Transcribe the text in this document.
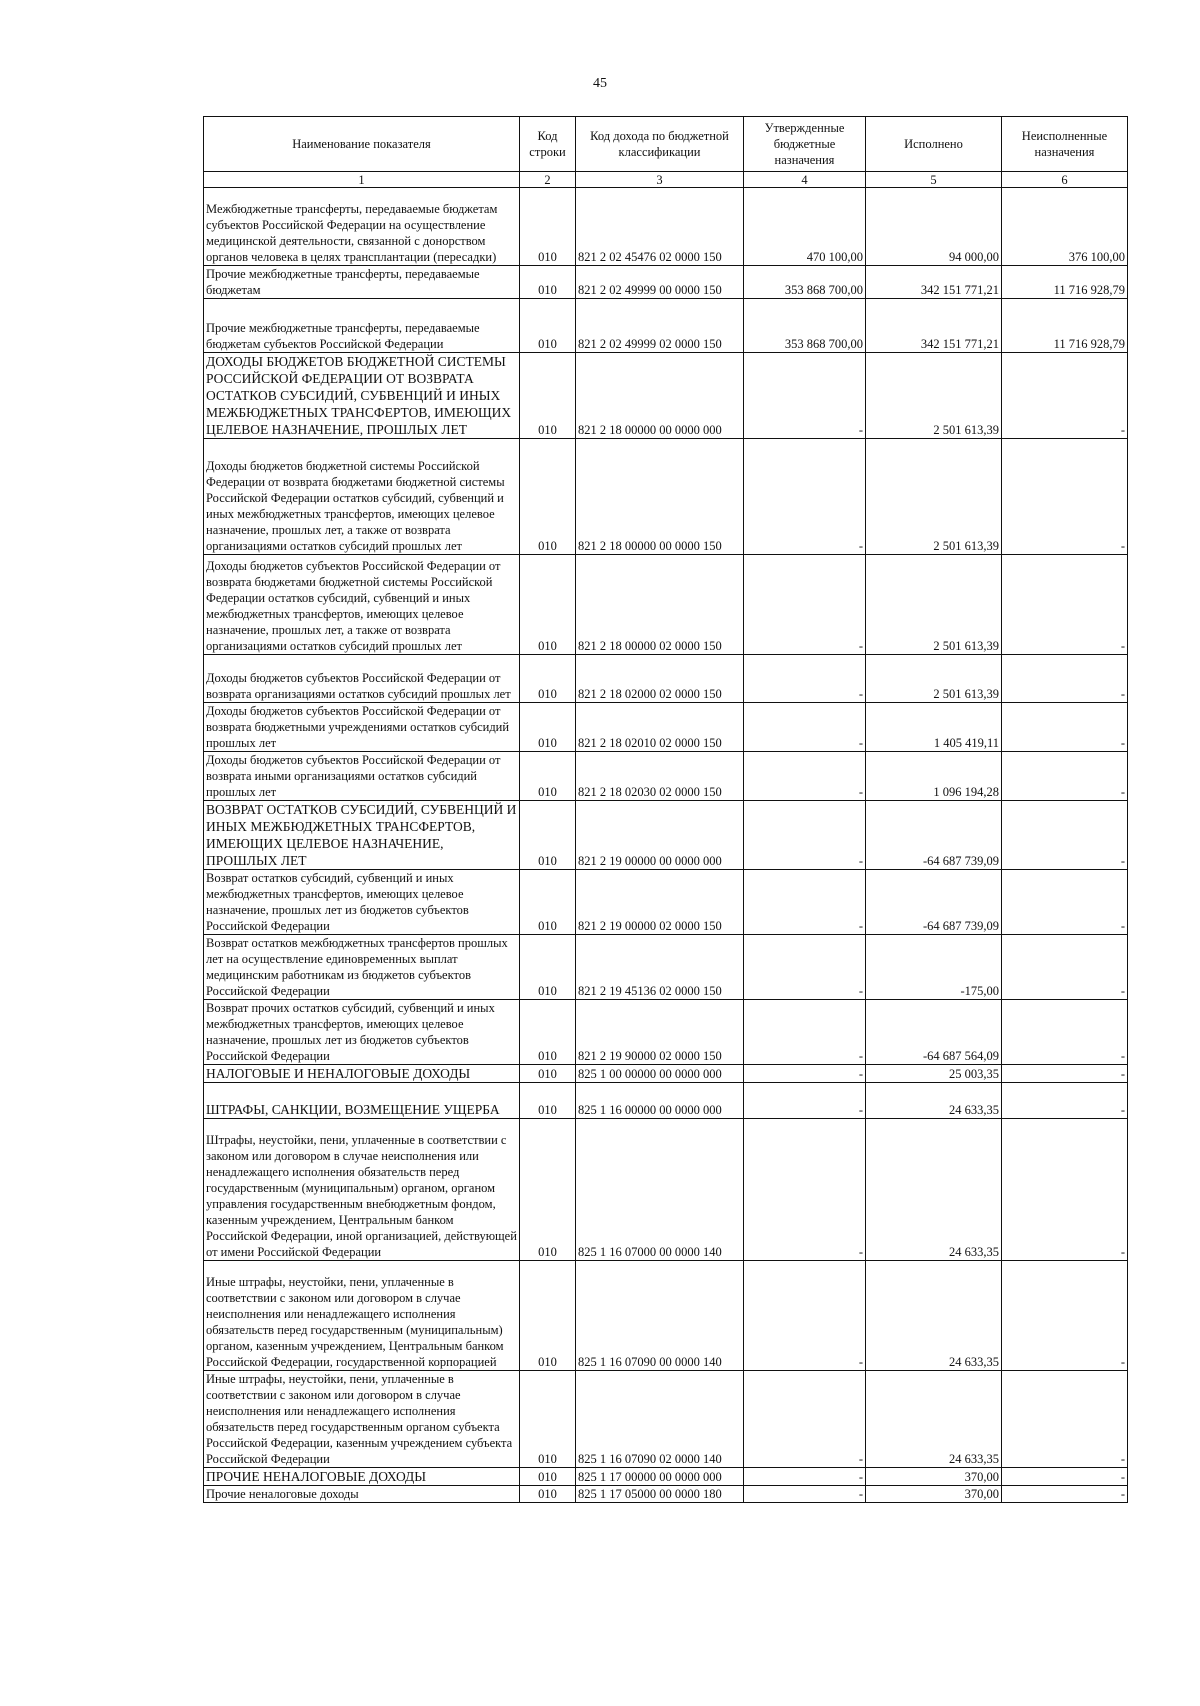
45
Наименование показателя	Код строки	Код дохода по бюджетной классификации	Утвержденные бюджетные назначения	Исполнено	Неисполненные назначения
1	2	3	4	5	6
Межбюджетные трансферты, передаваемые бюджетам субъектов Российской Федерации на осуществление медицинской деятельности, связанной с донорством органов человека в целях трансплантации (пересадки)	010	821 2 02 45476 02 0000 150	470 100,00	94 000,00	376 100,00
Прочие межбюджетные трансферты, передаваемые бюджетам	010	821 2 02 49999 00 0000 150	353 868 700,00	342 151 771,21	11 716 928,79
Прочие межбюджетные трансферты, передаваемые бюджетам субъектов Российской Федерации	010	821 2 02 49999 02 0000 150	353 868 700,00	342 151 771,21	11 716 928,79
ДОХОДЫ БЮДЖЕТОВ БЮДЖЕТНОЙ СИСТЕМЫ РОССИЙСКОЙ ФЕДЕРАЦИИ ОТ ВОЗВРАТА ОСТАТКОВ СУБСИДИЙ, СУБВЕНЦИЙ И ИНЫХ МЕЖБЮДЖЕТНЫХ ТРАНСФЕРТОВ, ИМЕЮЩИХ ЦЕЛЕВОЕ НАЗНАЧЕНИЕ, ПРОШЛЫХ ЛЕТ	010	821 2 18 00000 00 0000 000	-	2 501 613,39	-
Доходы бюджетов бюджетной системы Российской Федерации от возврата бюджетами бюджетной системы Российской Федерации остатков субсидий, субвенций и иных межбюджетных трансфертов, имеющих целевое назначение, прошлых лет, а также от возврата организациями остатков субсидий прошлых лет	010	821 2 18 00000 00 0000 150	-	2 501 613,39	-
Доходы бюджетов субъектов Российской Федерации от возврата бюджетами бюджетной системы Российской Федерации остатков субсидий, субвенций и иных межбюджетных трансфертов, имеющих целевое назначение, прошлых лет, а также от возврата организациями остатков субсидий прошлых лет	010	821 2 18 00000 02 0000 150	-	2 501 613,39	-
Доходы бюджетов субъектов Российской Федерации от возврата организациями остатков субсидий прошлых лет	010	821 2 18 02000 02 0000 150	-	2 501 613,39	-
Доходы бюджетов субъектов Российской Федерации от возврата бюджетными учреждениями остатков субсидий прошлых лет	010	821 2 18 02010 02 0000 150	-	1 405 419,11	-
Доходы бюджетов субъектов Российской Федерации от возврата иными организациями остатков субсидий прошлых лет	010	821 2 18 02030 02 0000 150	-	1 096 194,28	-
ВОЗВРАТ ОСТАТКОВ СУБСИДИЙ, СУБВЕНЦИЙ И ИНЫХ МЕЖБЮДЖЕТНЫХ ТРАНСФЕРТОВ, ИМЕЮЩИХ ЦЕЛЕВОЕ НАЗНАЧЕНИЕ, ПРОШЛЫХ ЛЕТ	010	821 2 19 00000 00 0000 000	-	-64 687 739,09	-
Возврат остатков субсидий, субвенций и иных межбюджетных трансфертов, имеющих целевое назначение, прошлых лет из бюджетов субъектов Российской Федерации	010	821 2 19 00000 02 0000 150	-	-64 687 739,09	-
Возврат остатков межбюджетных трансфертов прошлых лет на осуществление единовременных выплат медицинским работникам из бюджетов субъектов Российской Федерации	010	821 2 19 45136 02 0000 150	-	-175,00	-
Возврат прочих остатков субсидий, субвенций и иных межбюджетных трансфертов, имеющих целевое назначение, прошлых лет из бюджетов субъектов Российской Федерации	010	821 2 19 90000 02 0000 150	-	-64 687 564,09	-
НАЛОГОВЫЕ И НЕНАЛОГОВЫЕ ДОХОДЫ	010	825 1 00 00000 00 0000 000	-	25 003,35	-
ШТРАФЫ, САНКЦИИ, ВОЗМЕЩЕНИЕ УЩЕРБА	010	825 1 16 00000 00 0000 000	-	24 633,35	-
Штрафы, неустойки, пени, уплаченные в соответствии с законом или договором в случае неисполнения или ненадлежащего исполнения обязательств перед государственным (муниципальным) органом, органом управления государственным внебюджетным фондом, казенным учреждением, Центральным банком Российской Федерации, иной организацией, действующей от имени Российской Федерации	010	825 1 16 07000 00 0000 140	-	24 633,35	-
Иные штрафы, неустойки, пени, уплаченные в соответствии с законом или договором в случае неисполнения или ненадлежащего исполнения обязательств перед государственным (муниципальным) органом, казенным учреждением, Центральным банком Российской Федерации, государственной корпорацией	010	825 1 16 07090 00 0000 140	-	24 633,35	-
Иные штрафы, неустойки, пени, уплаченные в соответствии с законом или договором в случае неисполнения или ненадлежащего исполнения обязательств перед государственным органом субъекта Российской Федерации, казенным учреждением субъекта Российской Федерации	010	825 1 16 07090 02 0000 140	-	24 633,35	-
ПРОЧИЕ НЕНАЛОГОВЫЕ ДОХОДЫ	010	825 1 17 00000 00 0000 000	-	370,00	-
Прочие неналоговые доходы	010	825 1 17 05000 00 0000 180	-	370,00	-
